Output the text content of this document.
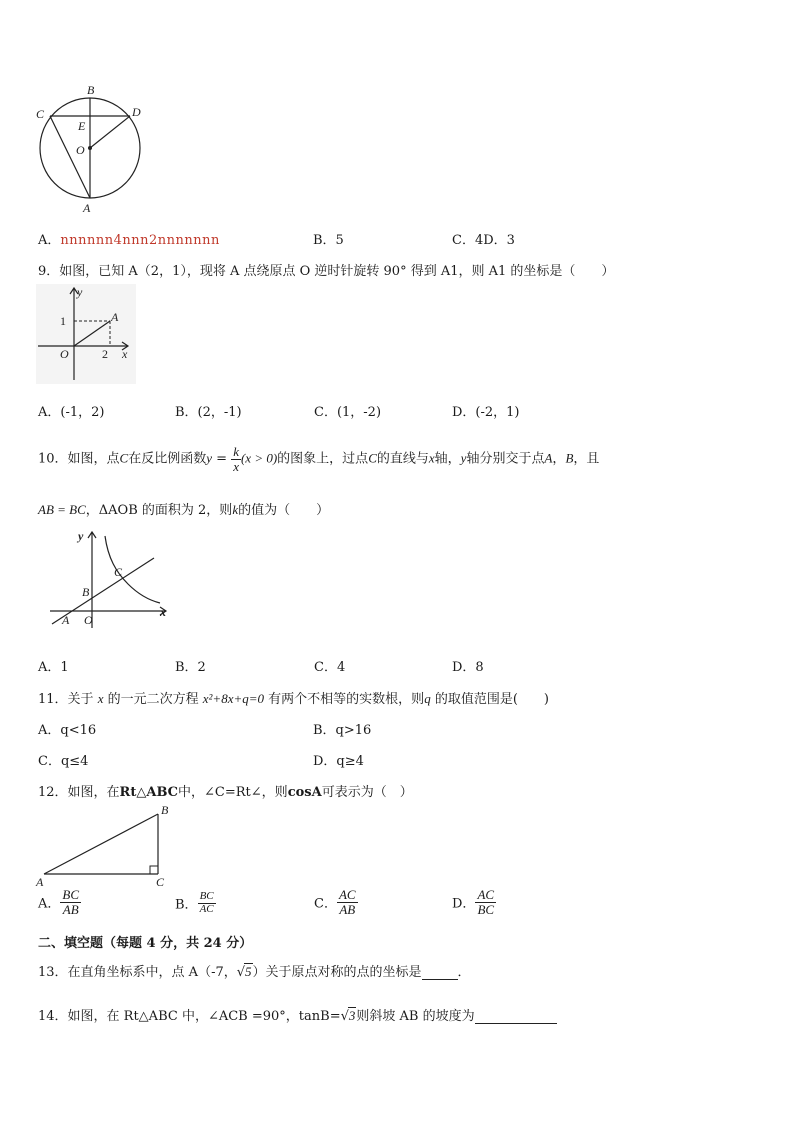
B
C	D
E
O
A
A．nnnnnn4nnn2nnnnnnn	B．5	C．4D．3
9．如图，已知 A（2，1），现将 A 点绕原点 O 逆时针旋转 90° 得到 A1，则 A1 的坐标是（　　）
y
1	A
O	2 x
A．(-1，2)	B．(2，-1)	C．(1，-2)	D．(-2，1)
10．如图，点C在反比例函数$y = \frac{k}{x} (x > 0)$的图象上，过点C的直线与x轴，y轴分别交于点A，B，且
AB = BC，ΔAOB 的面积为 2，则k的值为（　　）
y
C
B
A O
x
A．1	B．2	C．4	D．8
11．关于 x 的一元二次方程 x²+8x+q=0 有两个不相等的实数根，则q 的取值范围是(　　)
A．q<16	B．q>16
C．q≤4	D．q≥4
12．如图，在Rt△ABC中，∠C=Rt∠，则cosA可表示为（　）
B
A	C
A． $\frac{BC}{AB}$	B． $\frac{BC}{AC}$	C． $\frac{AC}{AB}$	D． $\frac{AC}{BC}$
二、填空题（每题 4 分，共 24 分）
13．在直角坐标系中，点 A（-7，√5）关于原点对称的点的坐标是	．
14．如图，在 Rt△ABC 中，∠ACB =90°，tanB=√3则斜坡 AB 的坡度为
